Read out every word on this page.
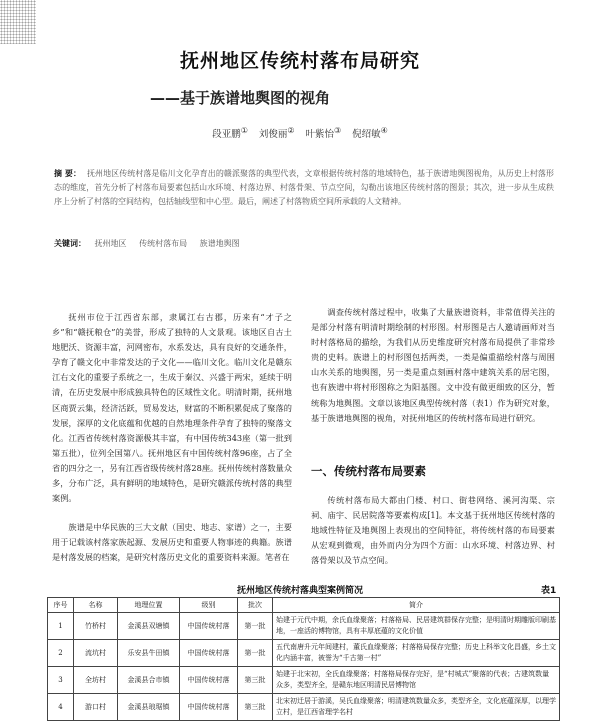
抚州地区传统村落布局研究
——基于族谱地舆图的视角
段亚鹏① 刘俊丽② 叶紫怡③ 倪绍敏④
摘 要： 抚州地区传统村落是临川文化孕育出的赣派聚落的典型代表，文章根据传统村落的地域特色，基于族谱地舆图视角，从历史上村落形态的维度，首先分析了村落布局要素包括山水环境、村落边界、村落骨架、节点空间，勾勒出该地区传统村落的图景；其次，进一步从生成秩序上分析了村落的空间结构，包括轴线型和中心型。最后，阐述了村落物质空间所承载的人文精神。
关键词： 抚州地区 传统村落布局 族谱地舆图

抚州市位于江西省东部，隶属江右古郡，历来有“才子之乡”和“赣抚粮仓”的美誉，形成了独特的人文景观。该地区自古土地肥沃、资源丰富，河网密布，水系发达，具有良好的交通条件，孕育了赣文化中非常发达的子文化——临川文化。临川文化是赣东江右文化的重要子系统之一，生成于秦汉、兴盛于两宋，延续于明清，在历史发展中形成独具特色的区域性文化。明清时期，抚州地区商贾云集，经济活跃，贸易发达，财富的不断积累促成了聚落的发展，深厚的文化底蕴和优越的自然地理条件孕育了独特的聚落文化。江西省传统村落资源极其丰富，有中国传统343座（第一批到第五批），位列全国第八。抚州地区有中国传统村落96座，占了全省的四分之一，另有江西省级传统村落28座。抚州传统村落数量众多，分布广泛，具有鲜明的地域特色，是研究赣派传统村落的典型案例。

族谱是中华民族的三大文献（国史、地志、家谱）之一，主要用于记载该村落家族起源、发展历史和重要人物事迹的典籍。族谱是村落发展的档案，是研究村落历史文化的重要资料来源。笔者在

调查传统村落过程中，收集了大量族谱资料，非常值得关注的是部分村落有明清时期绘制的村形图。村形图是古人邀请画师对当时村落格局的描绘，为我们从历史维度研究村落布局提供了非常珍贵的史料。族谱上的村形图包括两类，一类是偏重描绘村落与周围山水关系的地舆图，另一类是重点刻画村落中建筑关系的居宅图，也有族谱中将村形图称之为阳基图。文中没有做更细致的区分，暂统称为地舆图。文章以该地区典型传统村落（表1）作为研究对象，基于族谱地舆图的视角，对抚州地区的传统村落布局进行研究。

一、传统村落布局要素

传统村落布局大都由门楼、村口、街巷网络、溪河沟渠、宗祠、庙宇、民居院落等要素构成[1]。本文基于抚州地区传统村落的地域性特征及地舆图上表现出的空间特征，将传统村落的布局要素从宏观到微观，由外而内分为四个方面：山水环境、村落边界、村落骨架以及节点空间。

抚州地区传统村落典型案例简况	表1
序号	名称	地理位置	级别	批次	简介
1	竹桥村	金溪县双塘镇	中国传统村落	第一批	始建于元代中期，余氏血缘聚落；村落格局、民居建筑群保存完整；是明清时期雕版印刷基地，一座活的博物馆，具有丰厚底蕴的文化价值
2	流坑村	乐安县牛田镇	中国传统村落	第一批	五代南唐升元年间建村，董氏血缘聚落；村落格局保存完整；历史上科举文化昌盛，乡土文化内涵丰富，被誉为“千古第一村”
3	全坊村	金溪县合市镇	中国传统村落	第三批	始建于北宋初，全氏血缘聚落；村落格局保存完好，是“村城式”聚落的代表；古建筑数量众多，类型齐全，是赣东地区明清民居博物馆
4	游口村	金溪县琅琚镇	中国传统村落	第三批	北宋初迁居于游溪，吴氏血缘聚落；明清建筑数量众多，类型齐全，文化底蕴深厚，以理学立村，是江西省理学名村
